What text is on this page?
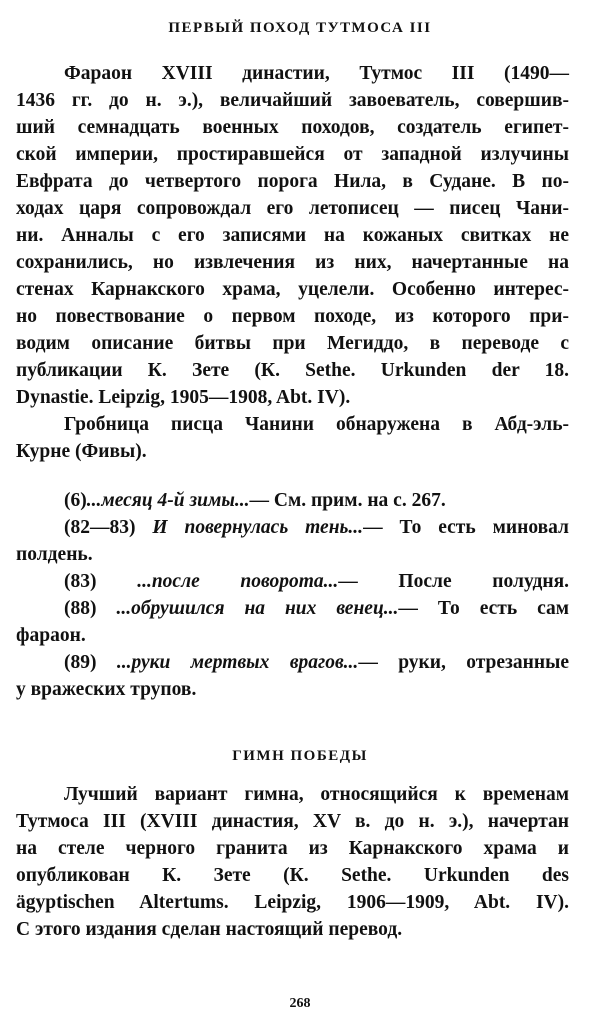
ПЕРВЫЙ ПОХОД ТУТМОСА III
Фараон XVIII династии, Тутмос III (1490—
1436 гг. до н. э.), величайший завоеватель, совершив-
ший семнадцать военных походов, создатель египет-
ской империи, простиравшейся от западной излучины
Евфрата до четвертого порога Нила, в Судане. В по-
ходах царя сопровождал его летописец — писец Чани-
ни. Анналы с его записями на кожаных свитках не
сохранились, но извлечения из них, начертанные на
стенах Карнакского храма, уцелели. Особенно интерес-
но повествование о первом походе, из которого при-
водим описание битвы при Мегиддо, в переводе с
публикации К. Зете (К. Sethe. Urkunden der 18.
Dynastie. Leipzig, 1905—1908, Abt. IV).
Гробница писца Чанини обнаружена в Абд-эль-
Курне (Фивы).
(6)...месяц 4-й зимы...— См. прим. на с. 267.
(82—83) И повернулась тень...— То есть миновал
полдень.
(83) ...после поворота...— После полудня.
(88) ...обрушился на них венец...— То есть сам
фараон.
(89) ...руки мертвых врагов...— руки, отрезанные
у вражеских трупов.
ГИМН ПОБЕДЫ
Лучший вариант гимна, относящийся к временам
Тутмоса III (XVIII династия, XV в. до н. э.), начертан
на стеле черного гранита из Карнакского храма и
опубликован К. Зете (К. Sethe. Urkunden des
ägyptischen Altertums. Leipzig, 1906—1909, Abt. IV).
С этого издания сделан настоящий перевод.
268
